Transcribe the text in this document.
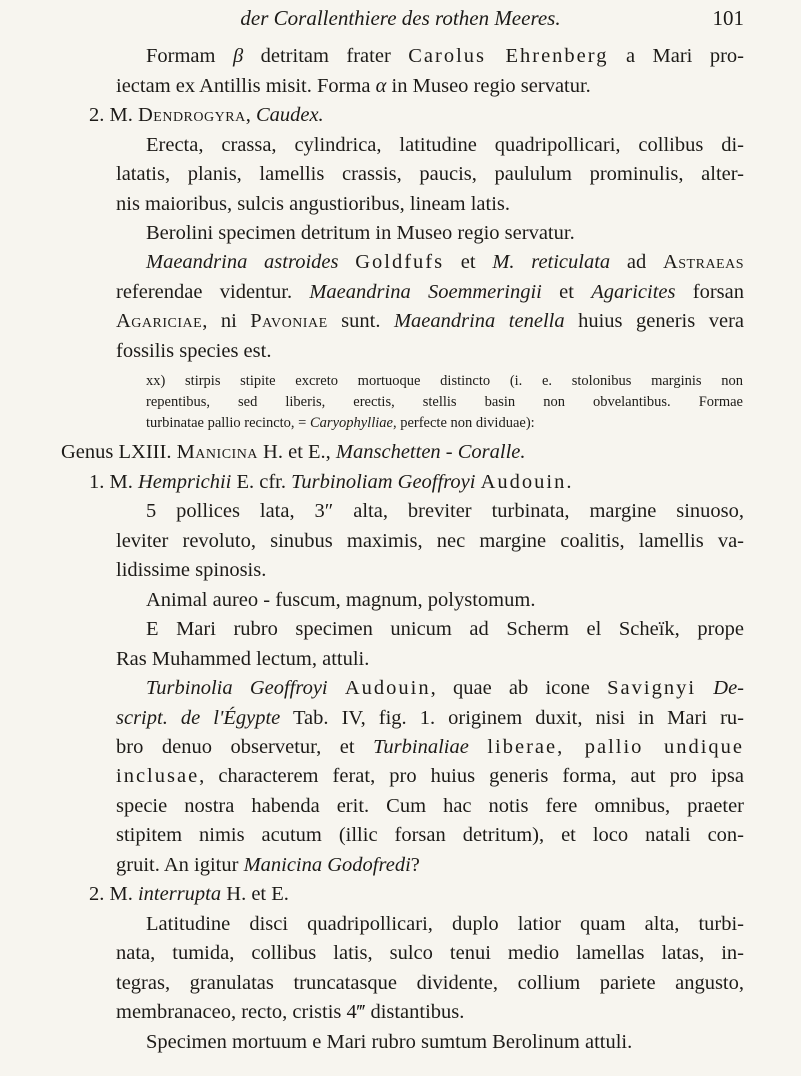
der Corallenthiere des rothen Meeres.	101
Formam β detritam frater Carolus Ehrenberg a Mari pro-
iectam ex Antillis misit. Forma α in Museo regio servatur.
2. M. Dendrogyra, Caudex.
Erecta, crassa, cylindrica, latitudine quadripollicari, collibus di-
latatis, planis, lamellis crassis, paucis, paululum prominulis, alter-
nis maioribus, sulcis angustioribus, lineam latis.
Berolini specimen detritum in Museo regio servatur.
Maeandrina astroides Goldfufs et M. reticulata ad Astraeas
referendae videntur. Maeandrina Soemmeringii et Agaricites forsan
Agariciae, ni Pavoniae sunt. Maeandrina tenella huius generis vera
fossilis species est.
xx) stirpis stipite excreto mortuoque distincto (i. e. stolonibus marginis non
repentibus, sed liberis, erectis, stellis basin non obvelantibus. Formae
turbinatae pallio recincto, = Caryophylliae, perfecte non dividuae):
Genus LXIII. Manicina H. et E., Manschetten - Coralle.
1. M. Hemprichii E. cfr. Turbinoliam Geoffroyi Audouin.
5 pollices lata, 3″ alta, breviter turbinata, margine sinuoso,
leviter revoluto, sinubus maximis, nec margine coalitis, lamellis va-
lidissime spinosis.
Animal aureo - fuscum, magnum, polystomum.
E Mari rubro specimen unicum ad Scherm el Scheïk, prope
Ras Muhammed lectum, attuli.
Turbinolia Geoffroyi Audouin, quae ab icone Savignyi De-
script. de l'Égypte Tab. IV, fig. 1. originem duxit, nisi in Mari ru-
bro denuo observetur, et Turbinaliae liberae, pallio undique
inclusae, characterem ferat, pro huius generis forma, aut pro ipsa
specie nostra habenda erit. Cum hac notis fere omnibus, praeter
stipitem nimis acutum (illic forsan detritum), et loco natali con-
gruit. An igitur Manicina Godofredi?
2. M. interrupta H. et E.
Latitudine disci quadripollicari, duplo latior quam alta, turbi-
nata, tumida, collibus latis, sulco tenui medio lamellas latas, in-
tegras, granulatas truncatasque dividente, collium pariete angusto,
membranaceo, recto, cristis 4‴ distantibus.
Specimen mortuum e Mari rubro sumtum Berolinum attuli.
